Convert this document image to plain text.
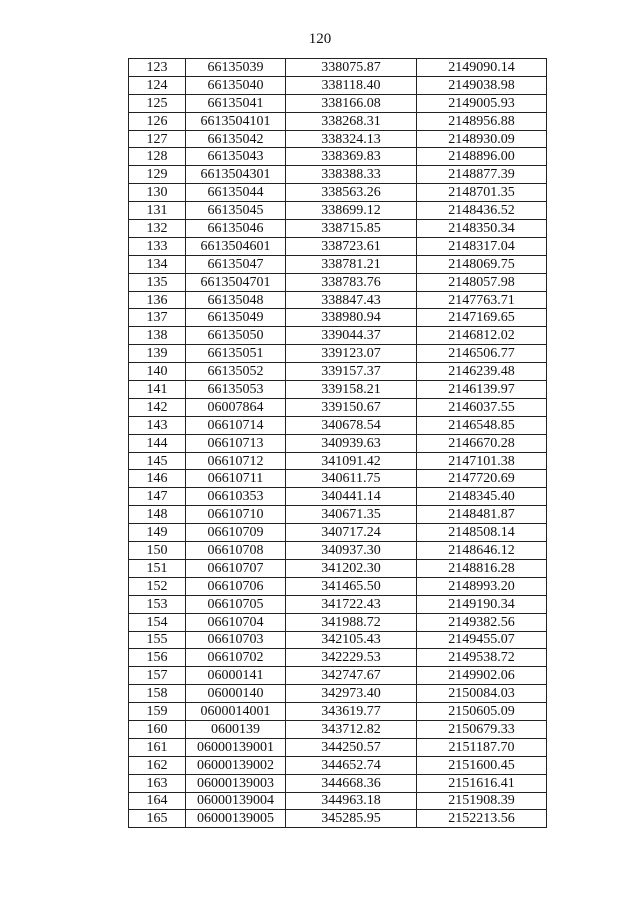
120
123	66135039	338075.87	2149090.14
124	66135040	338118.40	2149038.98
125	66135041	338166.08	2149005.93
126	6613504101	338268.31	2148956.88
127	66135042	338324.13	2148930.09
128	66135043	338369.83	2148896.00
129	6613504301	338388.33	2148877.39
130	66135044	338563.26	2148701.35
131	66135045	338699.12	2148436.52
132	66135046	338715.85	2148350.34
133	6613504601	338723.61	2148317.04
134	66135047	338781.21	2148069.75
135	6613504701	338783.76	2148057.98
136	66135048	338847.43	2147763.71
137	66135049	338980.94	2147169.65
138	66135050	339044.37	2146812.02
139	66135051	339123.07	2146506.77
140	66135052	339157.37	2146239.48
141	66135053	339158.21	2146139.97
142	06007864	339150.67	2146037.55
143	06610714	340678.54	2146548.85
144	06610713	340939.63	2146670.28
145	06610712	341091.42	2147101.38
146	06610711	340611.75	2147720.69
147	06610353	340441.14	2148345.40
148	06610710	340671.35	2148481.87
149	06610709	340717.24	2148508.14
150	06610708	340937.30	2148646.12
151	06610707	341202.30	2148816.28
152	06610706	341465.50	2148993.20
153	06610705	341722.43	2149190.34
154	06610704	341988.72	2149382.56
155	06610703	342105.43	2149455.07
156	06610702	342229.53	2149538.72
157	06000141	342747.67	2149902.06
158	06000140	342973.40	2150084.03
159	0600014001	343619.77	2150605.09
160	0600139	343712.82	2150679.33
161	06000139001	344250.57	2151187.70
162	06000139002	344652.74	2151600.45
163	06000139003	344668.36	2151616.41
164	06000139004	344963.18	2151908.39
165	06000139005	345285.95	2152213.56
